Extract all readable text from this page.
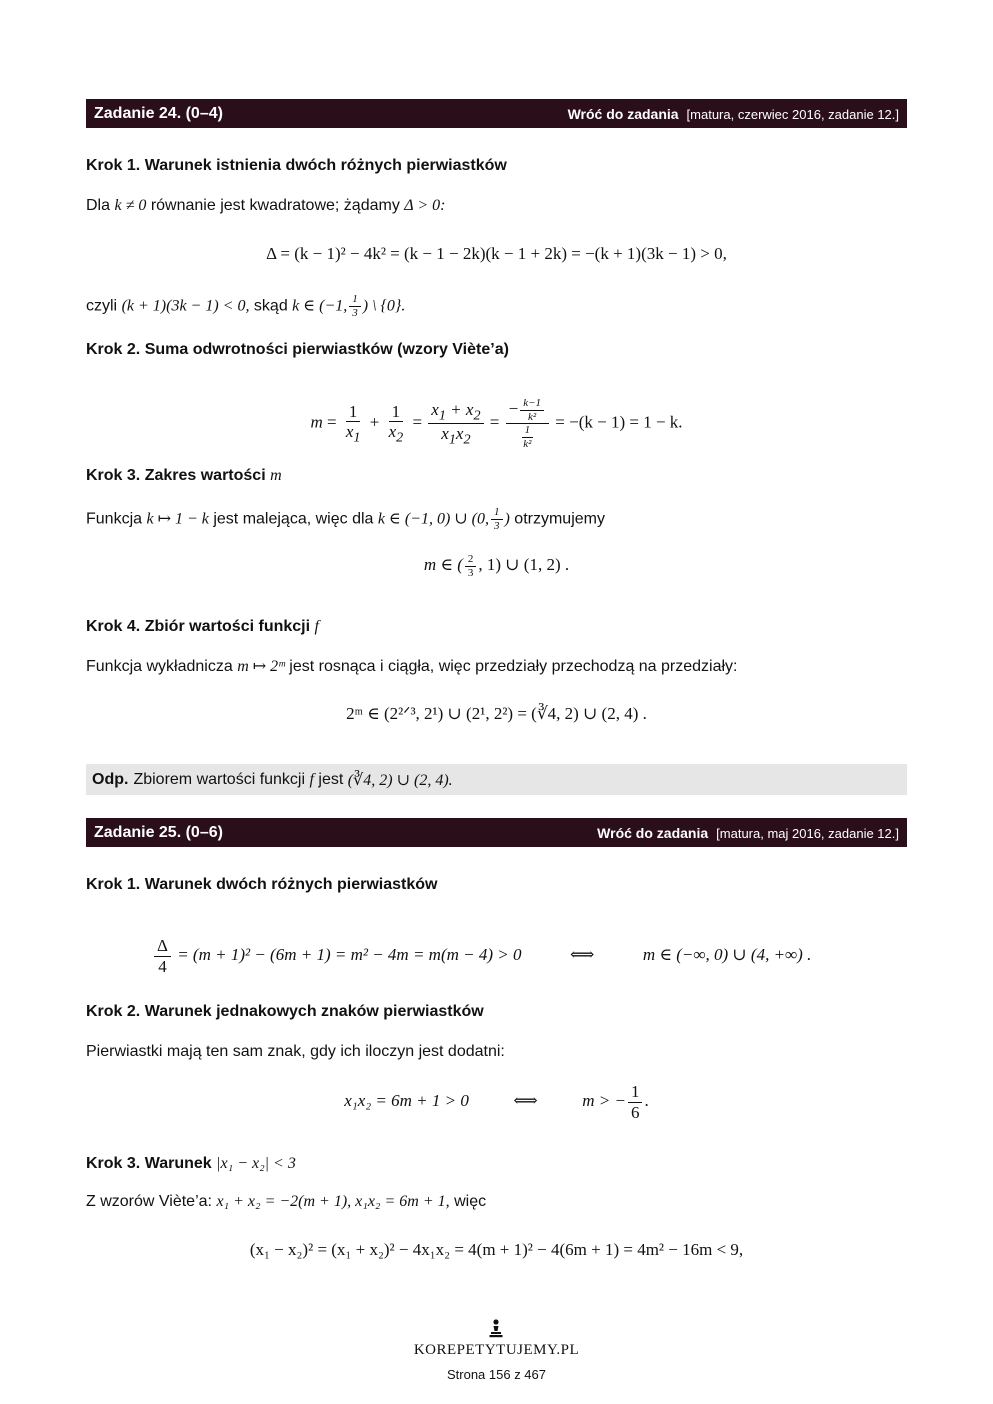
Zadanie 24. (0–4)	Wróć do zadania [matura, czerwiec 2016, zadanie 12.]
Krok 1. Warunek istnienia dwóch różnych pierwiastków
Dla k ≠ 0 równanie jest kwadratowe; żądamy Δ > 0:
Δ = (k − 1)² − 4k² = (k − 1 − 2k)(k − 1 + 2k) = −(k + 1)(3k − 1) > 0,
czyli (k + 1)(3k − 1) < 0, skąd k ∈ (−1, $\frac{1}{3}$ ) \ {0}.
Krok 2. Suma odwrotności pierwiastków (wzory Viète’a)
$m = \frac{1}{x_1} + \frac{1}{x_2} = \frac{x_1 + x_2}{x_1x_2} = \frac{- \frac{k-1}{\text{k²}}}{\frac{1}{\text{k²}}} = -(k - 1) = 1 - k$.
Krok 3. Zakres wartości m
Funkcja k ↦ 1 − k jest malejąca, więc dla k ∈ (−1, 0) ∪ (0, $\frac{1}{3}$ ) otrzymujemy
m ∈ ( $\frac{2}{3}$ , 1) ∪ (1, 2) .
Krok 4. Zbiór wartości funkcji f
Funkcja wykładnicza m ↦ 2ᵐ jest rosnąca i ciągła, więc przedziały przechodzą na przedziały:
2ᵐ ∈ (2²ᐟ³, 2¹) ∪ (2¹, 2²) = (∛4, 2) ∪ (2, 4) .
Odp. Zbiorem wartości funkcji
f
jest
(∛4, 2) ∪ (2, 4).
Zadanie 25. (0–6)	Wróć do zadania [matura, maj 2016, zadanie 12.]
Krok 1. Warunek dwóch różnych pierwiastków
$\frac{\Delta}{4} = (m + 1)^2 - (6m + 1) = m^2 - 4m = m(m - 4) > 0$	⟺	m ∈ (−∞, 0) ∪ (4, +∞) .
Krok 2. Warunek jednakowych znaków pierwiastków
Pierwiastki mają ten sam znak, gdy ich iloczyn jest dodatni:
x₁x₂ = 6m + 1 > 0	⟺	m > − $\frac{1}{6}$ .
Krok 3. Warunek |x₁ − x₂| < 3
Z wzorów Viète’a: x₁ + x₂ = −2(m + 1), x₁x₂ = 6m + 1, więc
(x₁ − x₂)² = (x₁ + x₂)² − 4x₁x₂ = 4(m + 1)² − 4(6m + 1) = 4m² − 16m < 9,
KOREPETYTUJEMY.PL
Strona 156 z 467
